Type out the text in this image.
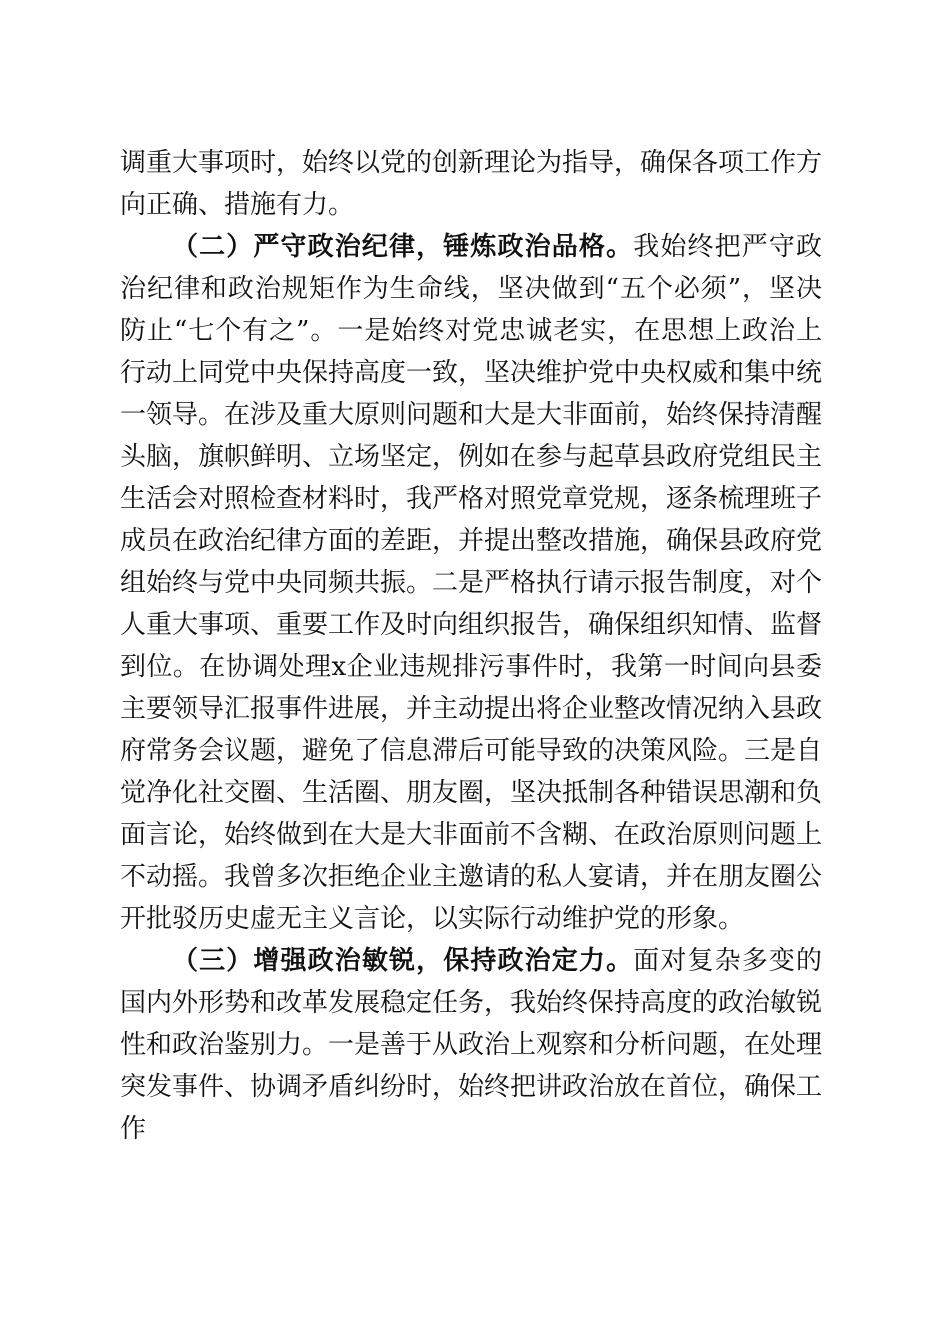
调重大事项时，始终以党的创新理论为指导，确保各项工作方向正确、措施有力。

（二）严守政治纪律，锤炼政治品格。我始终把严守政治纪律和政治规矩作为生命线，坚决做到“五个必须”，坚决防止“七个有之”。一是始终对党忠诚老实，在思想上政治上行动上同党中央保持高度一致，坚决维护党中央权威和集中统一领导。在涉及重大原则问题和大是大非面前，始终保持清醒头脑，旗帜鲜明、立场坚定，例如在参与起草县政府党组民主生活会对照检查材料时，我严格对照党章党规，逐条梳理班子成员在政治纪律方面的差距，并提出整改措施，确保县政府党组始终与党中央同频共振。二是严格执行请示报告制度，对个人重大事项、重要工作及时向组织报告，确保组织知情、监督到位。在协调处理x企业违规排污事件时，我第一时间向县委主要领导汇报事件进展，并主动提出将企业整改情况纳入县政府常务会议题，避免了信息滞后可能导致的决策风险。三是自觉净化社交圈、生活圈、朋友圈，坚决抵制各种错误思潮和负面言论，始终做到在大是大非面前不含糊、在政治原则问题上不动摇。我曾多次拒绝企业主邀请的私人宴请，并在朋友圈公开批驳历史虚无主义言论，以实际行动维护党的形象。

（三）增强政治敏锐，保持政治定力。面对复杂多变的国内外形势和改革发展稳定任务，我始终保持高度的政治敏锐性和政治鉴别力。一是善于从政治上观察和分析问题，在处理突发事件、协调矛盾纠纷时，始终把讲政治放在首位，确保工作
